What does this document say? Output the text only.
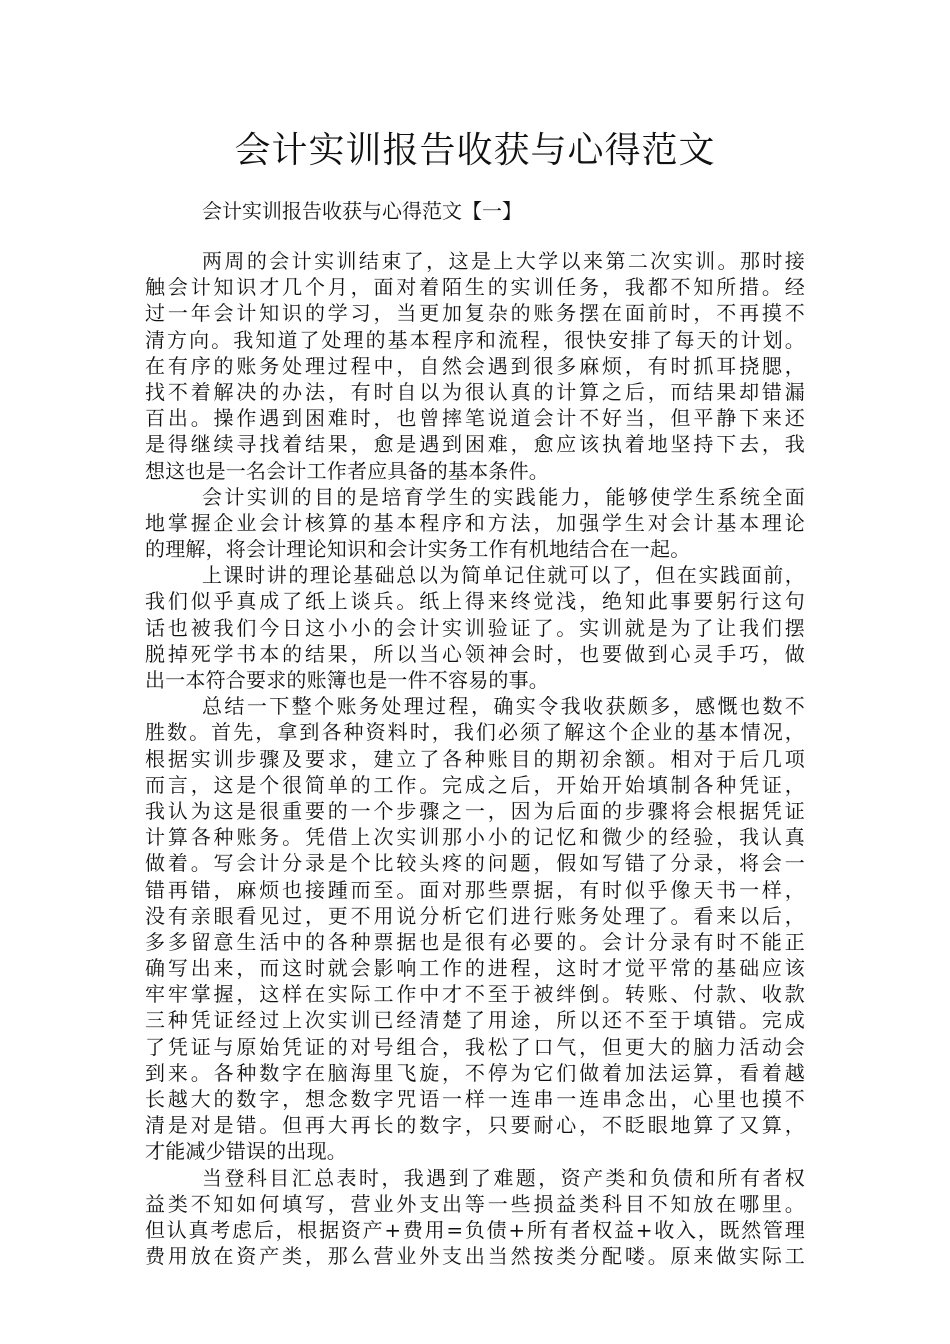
会计实训报告收获与心得范文
会计实训报告收获与心得范文【一】
两周的会计实训结束了，这是上大学以来第二次实训。那时接
触会计知识才几个月，面对着陌生的实训任务，我都不知所措。经
过一年会计知识的学习，当更加复杂的账务摆在面前时，不再摸不
清方向。我知道了处理的基本程序和流程，很快安排了每天的计划。
在有序的账务处理过程中，自然会遇到很多麻烦，有时抓耳挠腮，
找不着解决的办法，有时自以为很认真的计算之后，而结果却错漏
百出。操作遇到困难时，也曾摔笔说道会计不好当，但平静下来还
是得继续寻找着结果，愈是遇到困难，愈应该执着地坚持下去，我
想这也是一名会计工作者应具备的基本条件。
会计实训的目的是培育学生的实践能力，能够使学生系统全面
地掌握企业会计核算的基本程序和方法，加强学生对会计基本理论
的理解，将会计理论知识和会计实务工作有机地结合在一起。
上课时讲的理论基础总以为简单记住就可以了，但在实践面前，
我们似乎真成了纸上谈兵。纸上得来终觉浅，绝知此事要躬行这句
话也被我们今日这小小的会计实训验证了。实训就是为了让我们摆
脱掉死学书本的结果，所以当心领神会时，也要做到心灵手巧，做
出一本符合要求的账簿也是一件不容易的事。
总结一下整个账务处理过程，确实令我收获颇多，感慨也数不
胜数。首先，拿到各种资料时，我们必须了解这个企业的基本情况，
根据实训步骤及要求，建立了各种账目的期初余额。相对于后几项
而言，这是个很简单的工作。完成之后，开始开始填制各种凭证，
我认为这是很重要的一个步骤之一，因为后面的步骤将会根据凭证
计算各种账务。凭借上次实训那小小的记忆和微少的经验，我认真
做着。写会计分录是个比较头疼的问题，假如写错了分录，将会一
错再错，麻烦也接踵而至。面对那些票据，有时似乎像天书一样，
没有亲眼看见过，更不用说分析它们进行账务处理了。看来以后，
多多留意生活中的各种票据也是很有必要的。会计分录有时不能正
确写出来，而这时就会影响工作的进程，这时才觉平常的基础应该
牢牢掌握，这样在实际工作中才不至于被绊倒。转账、付款、收款
三种凭证经过上次实训已经清楚了用途，所以还不至于填错。完成
了凭证与原始凭证的对号组合，我松了口气，但更大的脑力活动会
到来。各种数字在脑海里飞旋，不停为它们做着加法运算，看着越
长越大的数字，想念数字咒语一样一连串一连串念出，心里也摸不
清是对是错。但再大再长的数字，只要耐心，不眨眼地算了又算，
才能减少错误的出现。
当登科目汇总表时，我遇到了难题，资产类和负债和所有者权
益类不知如何填写，营业外支出等一些损益类科目不知放在哪里。
但认真考虑后，根据资产+费用=负债+所有者权益+收入，既然管理
费用放在资产类，那么营业外支出当然按类分配喽。原来做实际工
